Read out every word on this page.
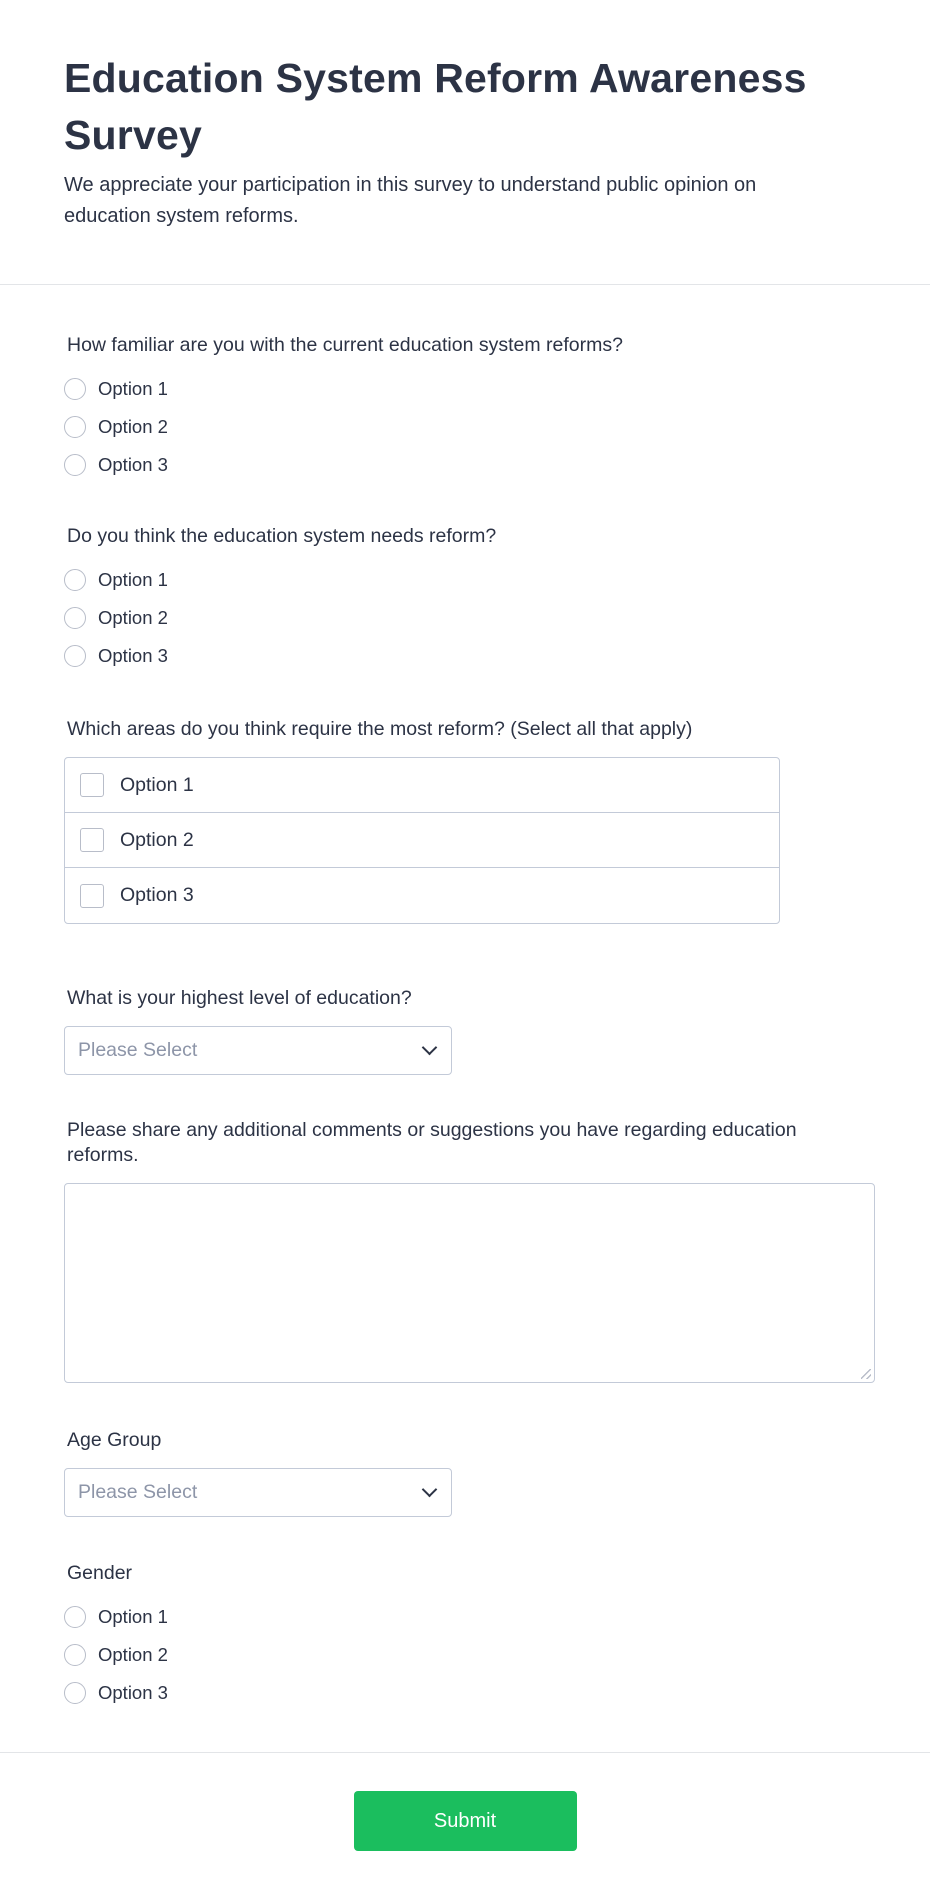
Education System Reform Awareness Survey

We appreciate your participation in this survey to understand public opinion on education system reforms.

How familiar are you with the current education system reforms?
Option 1
Option 2
Option 3
Do you think the education system needs reform?
Option 1
Option 2
Option 3
Which areas do you think require the most reform? (Select all that apply)
Option 1
Option 2
Option 3
What is your highest level of education?
Please Select
Please share any additional comments or suggestions you have regarding education reforms.
Age Group
Please Select
Gender
Option 1
Option 2
Option 3
Submit
